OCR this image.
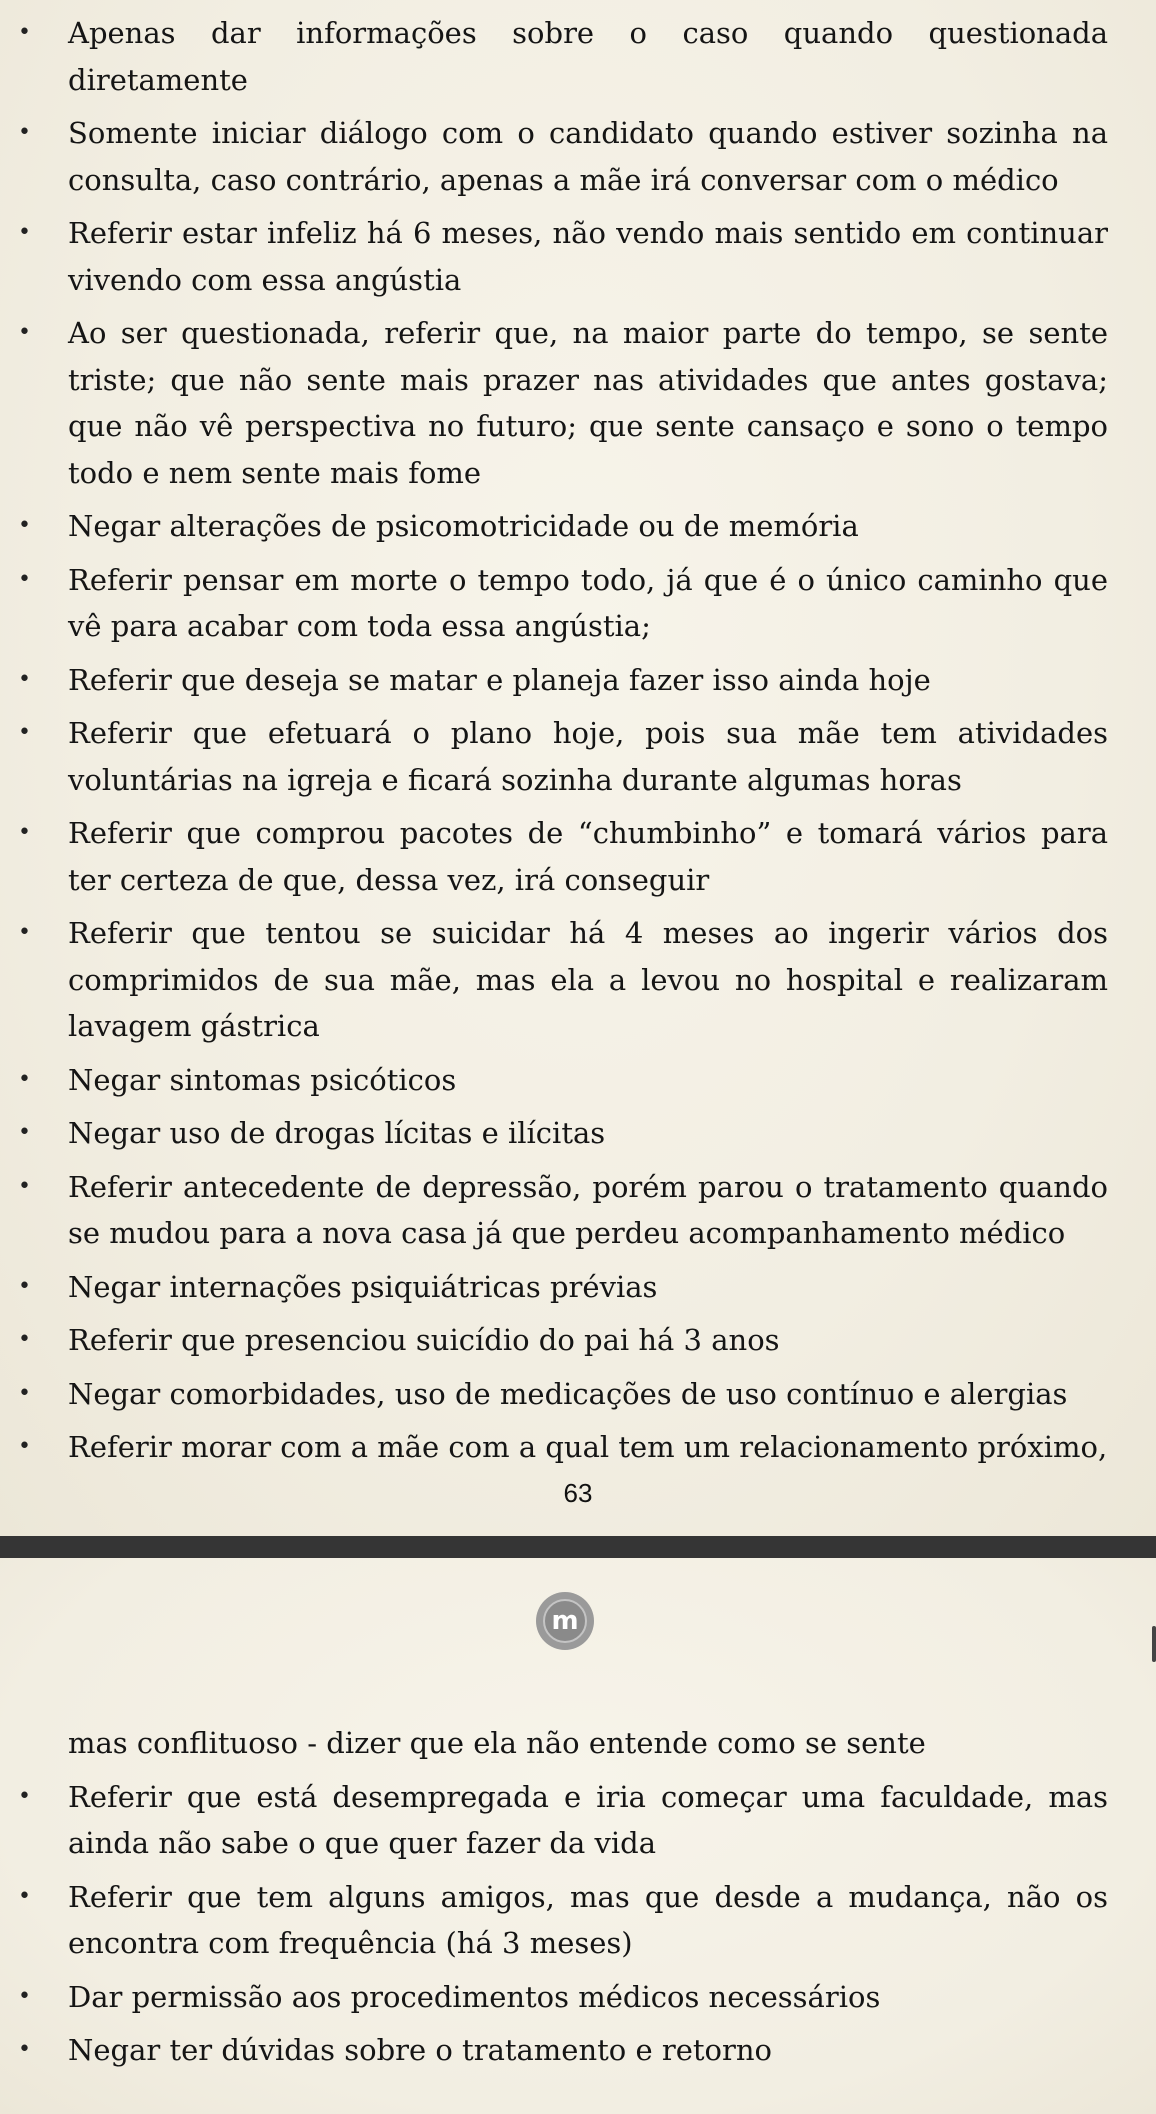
• Apenas dar informações sobre o caso quando questionada diretamente
• Somente iniciar diálogo com o candidato quando estiver sozinha na consulta, caso contrário, apenas a mãe irá conversar com o médico
• Referir estar infeliz há 6 meses, não vendo mais sentido em continuar vivendo com essa angústia
• Ao ser questionada, referir que, na maior parte do tempo, se sente triste; que não sente mais prazer nas atividades que antes gostava; que não vê perspectiva no futuro; que sente cansaço e sono o tempo todo e nem sente mais fome
• Negar alterações de psicomotricidade ou de memória
• Referir pensar em morte o tempo todo, já que é o único caminho que vê para acabar com toda essa angústia;
• Referir que deseja se matar e planeja fazer isso ainda hoje
• Referir que efetuará o plano hoje, pois sua mãe tem atividades voluntárias na igreja e ficará sozinha durante algumas horas
• Referir que comprou pacotes de “chumbinho” e tomará vários para ter certeza de que, dessa vez, irá conseguir
• Referir que tentou se suicidar há 4 meses ao ingerir vários dos comprimidos de sua mãe, mas ela a levou no hospital e realizaram lavagem gástrica
• Negar sintomas psicóticos
• Negar uso de drogas lícitas e ilícitas
• Referir antecedente de depressão, porém parou o tratamento quando se mudou para a nova casa já que perdeu acompanhamento médico
• Negar internações psiquiátricas prévias
• Referir que presenciou suicídio do pai há 3 anos
• Negar comorbidades, uso de medicações de uso contínuo e alergias
• Referir morar com a mãe com a qual tem um relacionamento próximo,
63
m
mas conflituoso - dizer que ela não entende como se sente
• Referir que está desempregada e iria começar uma faculdade, mas ainda não sabe o que quer fazer da vida
• Referir que tem alguns amigos, mas que desde a mudança, não os encontra com frequência (há 3 meses)
• Dar permissão aos procedimentos médicos necessários
• Negar ter dúvidas sobre o tratamento e retorno
